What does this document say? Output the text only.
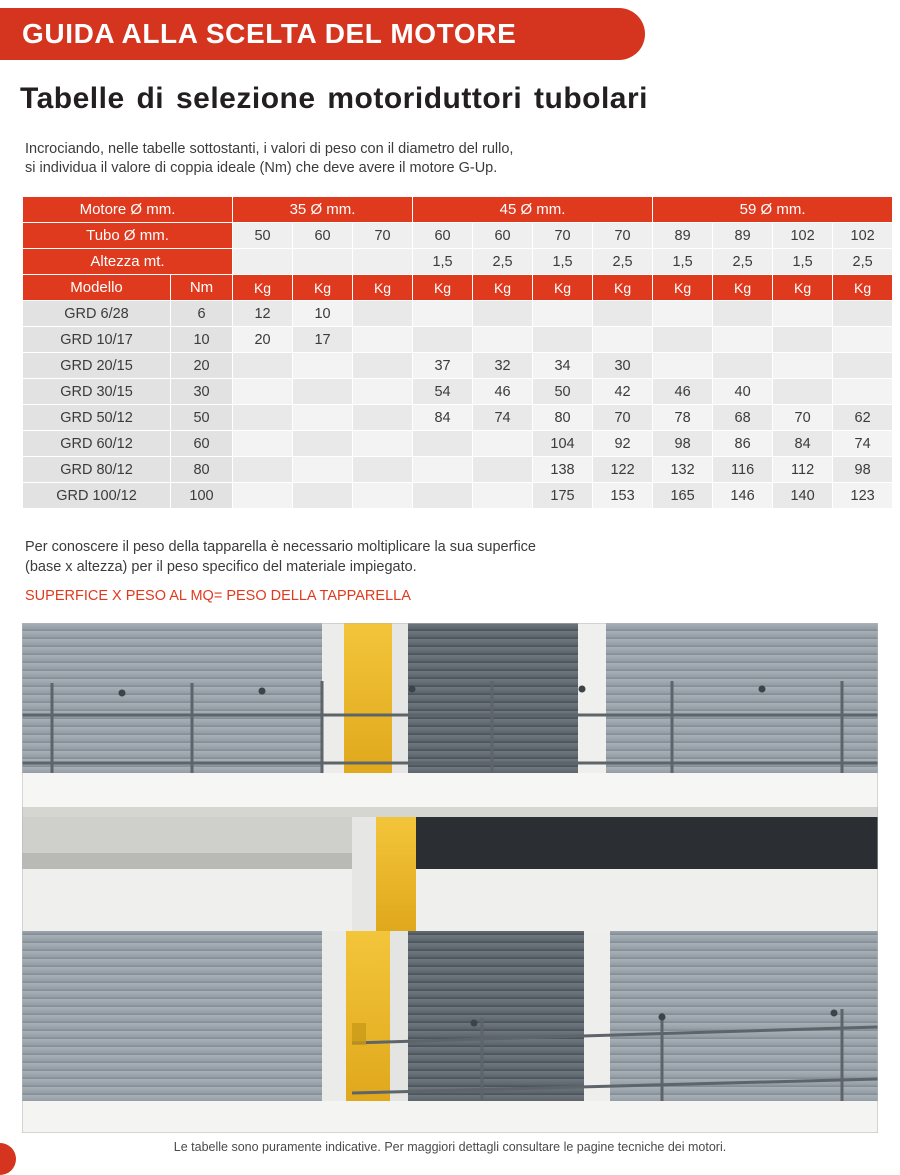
GUIDA ALLA SCELTA DEL MOTORE
Tabelle di selezione motoriduttori tubolari
Incrociando, nelle tabelle sottostanti, i valori di peso con il diametro del rullo,
si individua il valore di coppia ideale (Nm) che deve avere il motore G-Up.
Motore Ø mm.		35 Ø mm.			45 Ø mm.				59 Ø mm.			
Tubo Ø mm.		50	60	70	60	60	70	70	89	89	102	102
Altezza mt.					1,5	2,5	1,5	2,5	1,5	2,5	1,5	2,5
Modello	Nm	Kg	Kg	Kg	Kg	Kg	Kg	Kg	Kg	Kg	Kg	Kg
GRD 6/28	6	12	10									
GRD 10/17	10	20	17									
GRD 20/15	20				37	32	34	30				
GRD 30/15	30				54	46	50	42	46	40		
GRD 50/12	50				84	74	80	70	78	68	70	62
GRD 60/12	60						104	92	98	86	84	74
GRD 80/12	80						138	122	132	116	112	98
GRD 100/12	100						175	153	165	146	140	123
Per conoscere il peso della tapparella è necessario moltiplicare la sua superfice
(base x altezza) per il peso specifico del materiale impiegato.
SUPERFICE X PESO AL MQ= PESO DELLA TAPPARELLA
Le tabelle sono puramente indicative. Per maggiori dettagli consultare le pagine tecniche dei motori.
